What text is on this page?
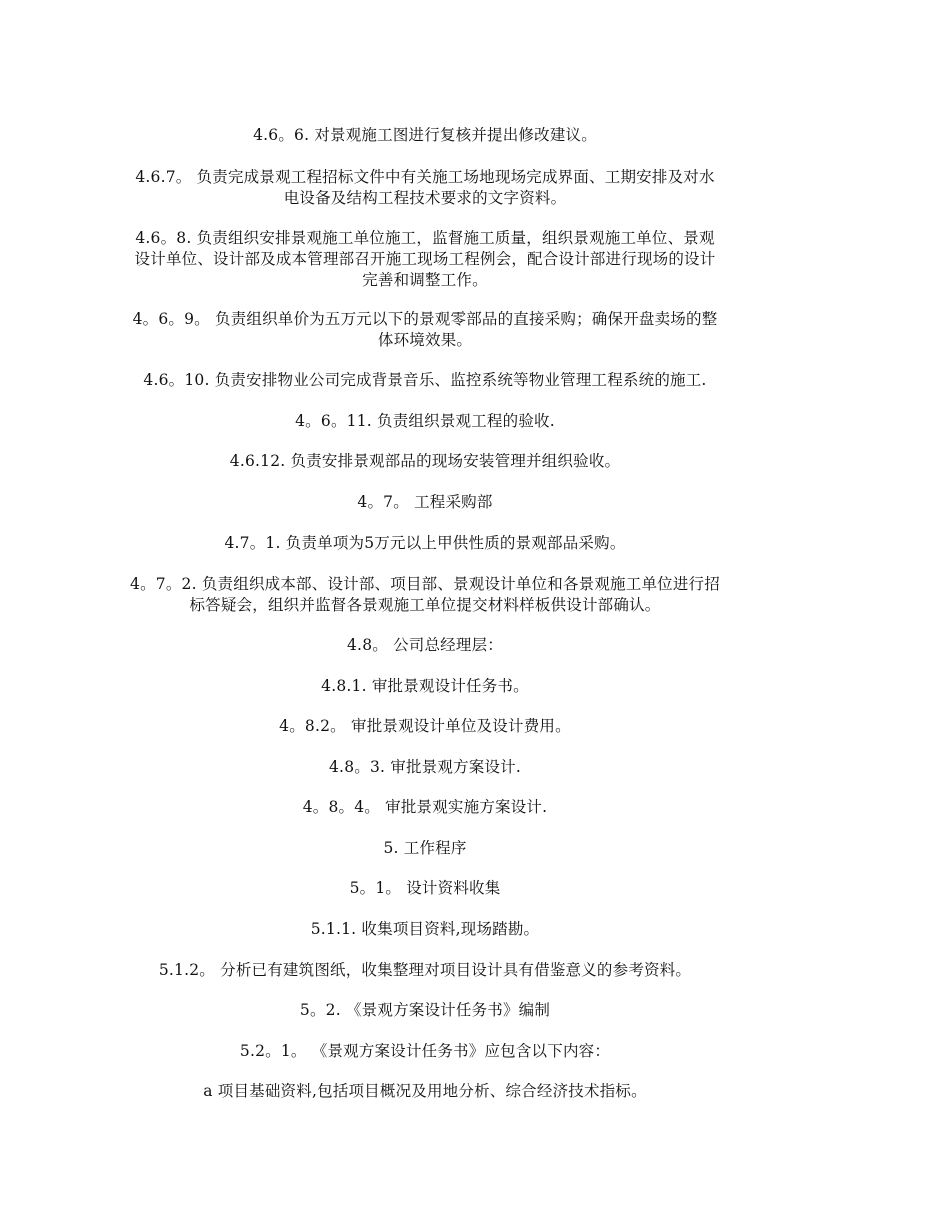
4.6。6. 对景观施工图进行复核并提出修改建议。
4.6.7。 负责完成景观工程招标文件中有关施工场地现场完成界面、工期安排及对水
电设备及结构工程技术要求的文字资料。
4.6。8. 负责组织安排景观施工单位施工，监督施工质量，组织景观施工单位、景观
设计单位、设计部及成本管理部召开施工现场工程例会，配合设计部进行现场的设计
完善和调整工作。
4。6。9。 负责组织单价为五万元以下的景观零部品的直接采购；确保开盘卖场的整
体环境效果。
4.6。10. 负责安排物业公司完成背景音乐、监控系统等物业管理工程系统的施工.
4。6。11. 负责组织景观工程的验收.
4.6.12. 负责安排景观部品的现场安装管理并组织验收。
4。7。 工程采购部
4.7。1. 负责单项为5万元以上甲供性质的景观部品采购。
4。7。2. 负责组织成本部、设计部、项目部、景观设计单位和各景观施工单位进行招
标答疑会，组织并监督各景观施工单位提交材料样板供设计部确认。
4.8。 公司总经理层：
4.8.1. 审批景观设计任务书。
4。8.2。 审批景观设计单位及设计费用。
4.8。3. 审批景观方案设计.
4。8。4。 审批景观实施方案设计.
5. 工作程序
5。1。 设计资料收集
5.1.1. 收集项目资料,现场踏勘。
5.1.2。 分析已有建筑图纸，收集整理对项目设计具有借鉴意义的参考资料。
5。2. 《景观方案设计任务书》编制
5.2。1。 《景观方案设计任务书》应包含以下内容：
a 项目基础资料,包括项目概况及用地分析、综合经济技术指标。
